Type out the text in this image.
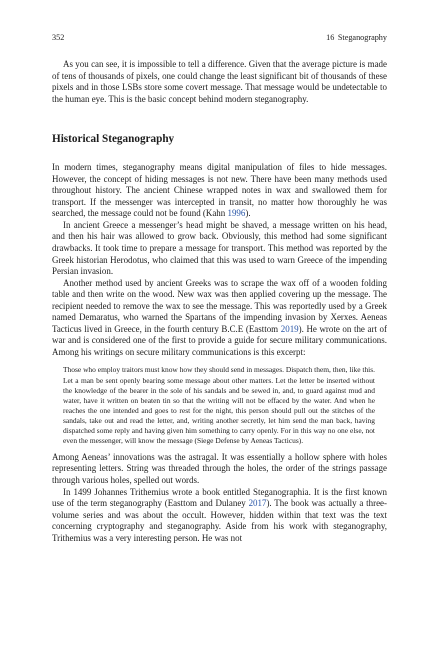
352	16 Steganography

As you can see, it is impossible to tell a difference. Given that the average picture is made of tens of thousands of pixels, one could change the least significant bit of thousands of these pixels and in those LSBs store some covert message. That message would be undetectable to the human eye. This is the basic concept behind modern steganography.

Historical Steganography

In modern times, steganography means digital manipulation of files to hide messages. However, the concept of hiding messages is not new. There have been many methods used throughout history. The ancient Chinese wrapped notes in wax and swallowed them for transport. If the messenger was intercepted in transit, no matter how thoroughly he was searched, the message could not be found (Kahn 1996).

In ancient Greece a messenger’s head might be shaved, a message written on his head, and then his hair was allowed to grow back. Obviously, this method had some significant drawbacks. It took time to prepare a message for transport. This method was reported by the Greek historian Herodotus, who claimed that this was used to warn Greece of the impending Persian invasion.

Another method used by ancient Greeks was to scrape the wax off of a wooden folding table and then write on the wood. New wax was then applied covering up the message. The recipient needed to remove the wax to see the message. This was reportedly used by a Greek named Demaratus, who warned the Spartans of the impending invasion by Xerxes. Aeneas Tacticus lived in Greece, in the fourth century B.C.E (Easttom 2019). He wrote on the art of war and is considered one of the first to provide a guide for secure military communications. Among his writings on secure military communications is this excerpt:

Those who employ traitors must know how they should send in messages. Dispatch them, then, like this. Let a man be sent openly bearing some message about other matters. Let the letter be inserted without the knowledge of the bearer in the sole of his sandals and be sewed in, and, to guard against mud and water, have it written on beaten tin so that the writing will not be effaced by the water. And when he reaches the one intended and goes to rest for the night, this person should pull out the stitches of the sandals, take out and read the letter, and, writing another secretly, let him send the man back, having dispatched some reply and having given him something to carry openly. For in this way no one else, not even the messenger, will know the message (Siege Defense by Aeneas Tacticus).

Among Aeneas’ innovations was the astragal. It was essentially a hollow sphere with holes representing letters. String was threaded through the holes, the order of the strings passage through various holes, spelled out words.

In 1499 Johannes Trithemius wrote a book entitled Steganographia. It is the first known use of the term steganography (Easttom and Dulaney 2017). The book was actually a three-volume series and was about the occult. However, hidden within that text was the text concerning cryptography and steganography. Aside from his work with steganography, Trithemius was a very interesting person. He was not
